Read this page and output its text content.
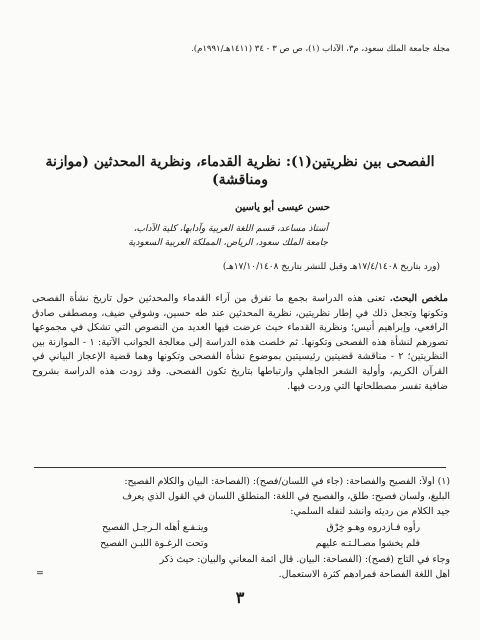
مجلة جامعة الملك سعود، م٣، الآداب (١)، ص ص ٣ - ٣٤ (١٤١١هـ/١٩٩١م).
الفصحى بين نظريتين(١): نظرية القدماء، ونظرية المحدثين (موازنة ومناقشة)
حسن عيسى أبو ياسين
أستاذ مساعد، قسم اللغة العربية وآدابها، كلية الآداب،
جامعة الملك سعود، الرياض، المملكة العربية السعودية
(ورد بتاريخ ١٧/٤/١٤٠٨هـ وقبل للنشر بتاريخ ١٧/١٠/١٤٠٨هـ)
ملخص البحث. تعنى هذه الدراسة بجمع ما تفرق من آراء القدماء والمحدثين حول تاريخ نشأة الفصحى وتكونها وتجعل ذلك في إطار نظريتين، نظرية المحدثين عند طه حسين، وشوقي ضيف، ومصطفى صادق الرافعي، وإبراهيم أنيس؛ ونظرية القدماء حيث عرضت فيها العديد من النصوص التي تشكل في مجموعها تصورهم لنشأة هذه الفصحى وتكونها. ثم خلصت هذه الدراسة إلى معالجة الجوانب الآتية: ١ - الموازنة بين النظريتين؛ ٢ - مناقشة قضيتين رئيسيتين بموضوع نشأة الفصحى وتكونها وهما قضية الإعجاز البياني في القرآن الكريم، وأولية الشعر الجاهلي وارتباطها بتاريخ تكون الفصحى. وقد زودت هذه الدراسة بشروح ضافية تفسر مصطلحاتها التي وردت فيها.
(١) أولاً: الفصيح والفصاحة: (جاء في اللسان/فصح): (الفصاحة: البيان والكلام الفصيح:
البليغ، ولسان فصيح: طلق، والفصيح في اللغة: المنطلق اللسان في القول الذي يعرف
جيد الكلام من رديئه وأنشد لنفله السلمي:
رأوه فـازدروه وهـو خِرْق
وينـفـع أهله الـرجـل الفصيح
فلم يخشوا مصـالـتـه عليهم
وتحت الرغـوة اللبـن الفصيح
وجاء في التاج (فصح): (الفصاحة: البيان. قال أئمة المعاني والبيان: حيث ذكر
أهل اللغة الفصاحة فمرادهم كثرة الاستعمال.
=
٣
